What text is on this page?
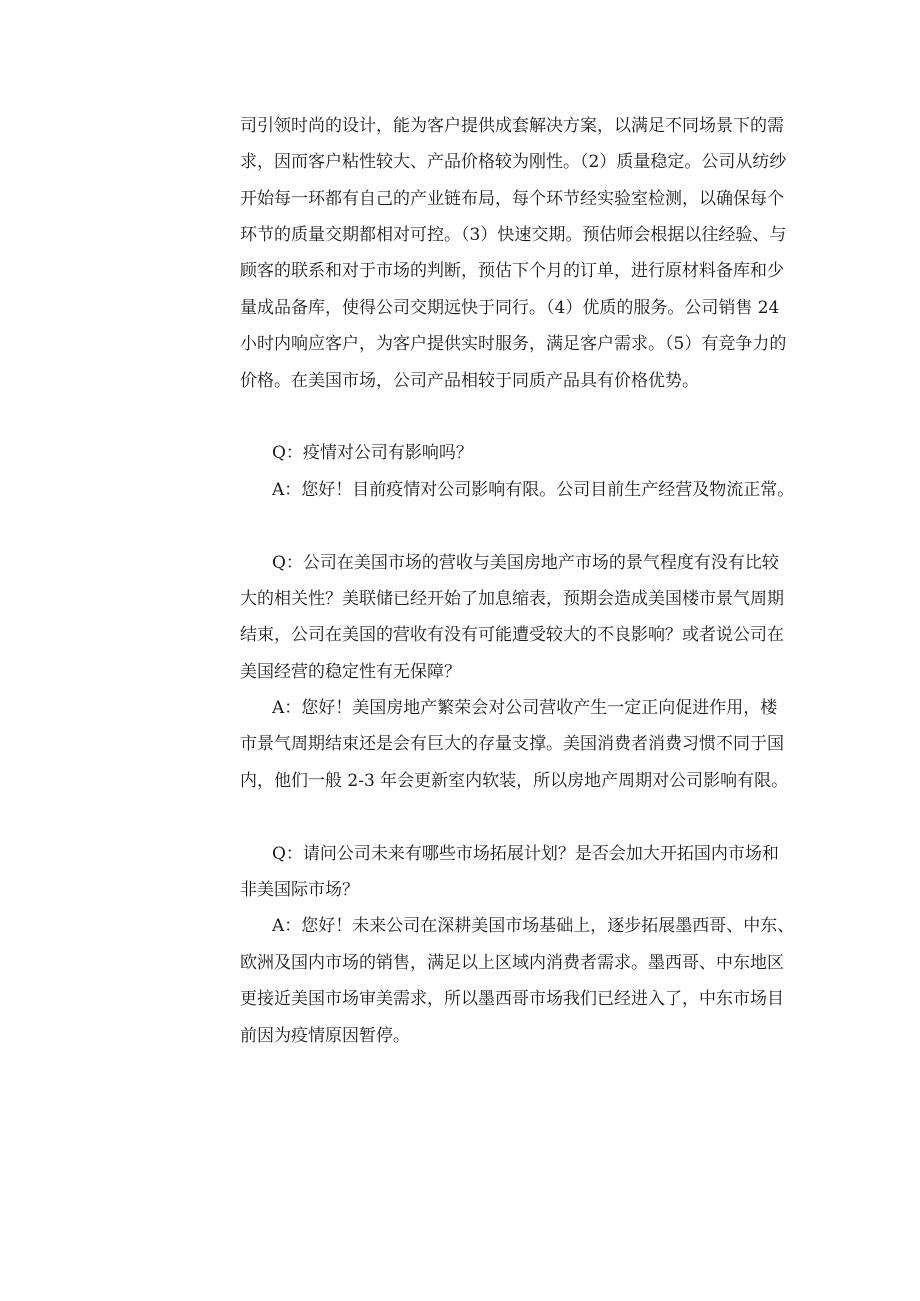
司引领时尚的设计，能为客户提供成套解决方案，以满足不同场景下的需
求，因而客户粘性较大、产品价格较为刚性。（2）质量稳定。公司从纺纱
开始每一环都有自己的产业链布局，每个环节经实验室检测，以确保每个
环节的质量交期都相对可控。（3）快速交期。预估师会根据以往经验、与
顾客的联系和对于市场的判断，预估下个月的订单，进行原材料备库和少
量成品备库，使得公司交期远快于同行。（4）优质的服务。公司销售 24
小时内响应客户，为客户提供实时服务，满足客户需求。（5）有竞争力的
价格。在美国市场，公司产品相较于同质产品具有价格优势。
Q：疫情对公司有影响吗？
A：您好！目前疫情对公司影响有限。公司目前生产经营及物流正常。
Q：公司在美国市场的营收与美国房地产市场的景气程度有没有比较
大的相关性？美联储已经开始了加息缩表，预期会造成美国楼市景气周期
结束，公司在美国的营收有没有可能遭受较大的不良影响？或者说公司在
美国经营的稳定性有无保障？
A：您好！美国房地产繁荣会对公司营收产生一定正向促进作用，楼
市景气周期结束还是会有巨大的存量支撑。美国消费者消费习惯不同于国
内，他们一般 2-3 年会更新室内软装，所以房地产周期对公司影响有限。
Q：请问公司未来有哪些市场拓展计划？是否会加大开拓国内市场和
非美国际市场？
A：您好！未来公司在深耕美国市场基础上，逐步拓展墨西哥、中东、
欧洲及国内市场的销售，满足以上区域内消费者需求。墨西哥、中东地区
更接近美国市场审美需求，所以墨西哥市场我们已经进入了，中东市场目
前因为疫情原因暂停。
